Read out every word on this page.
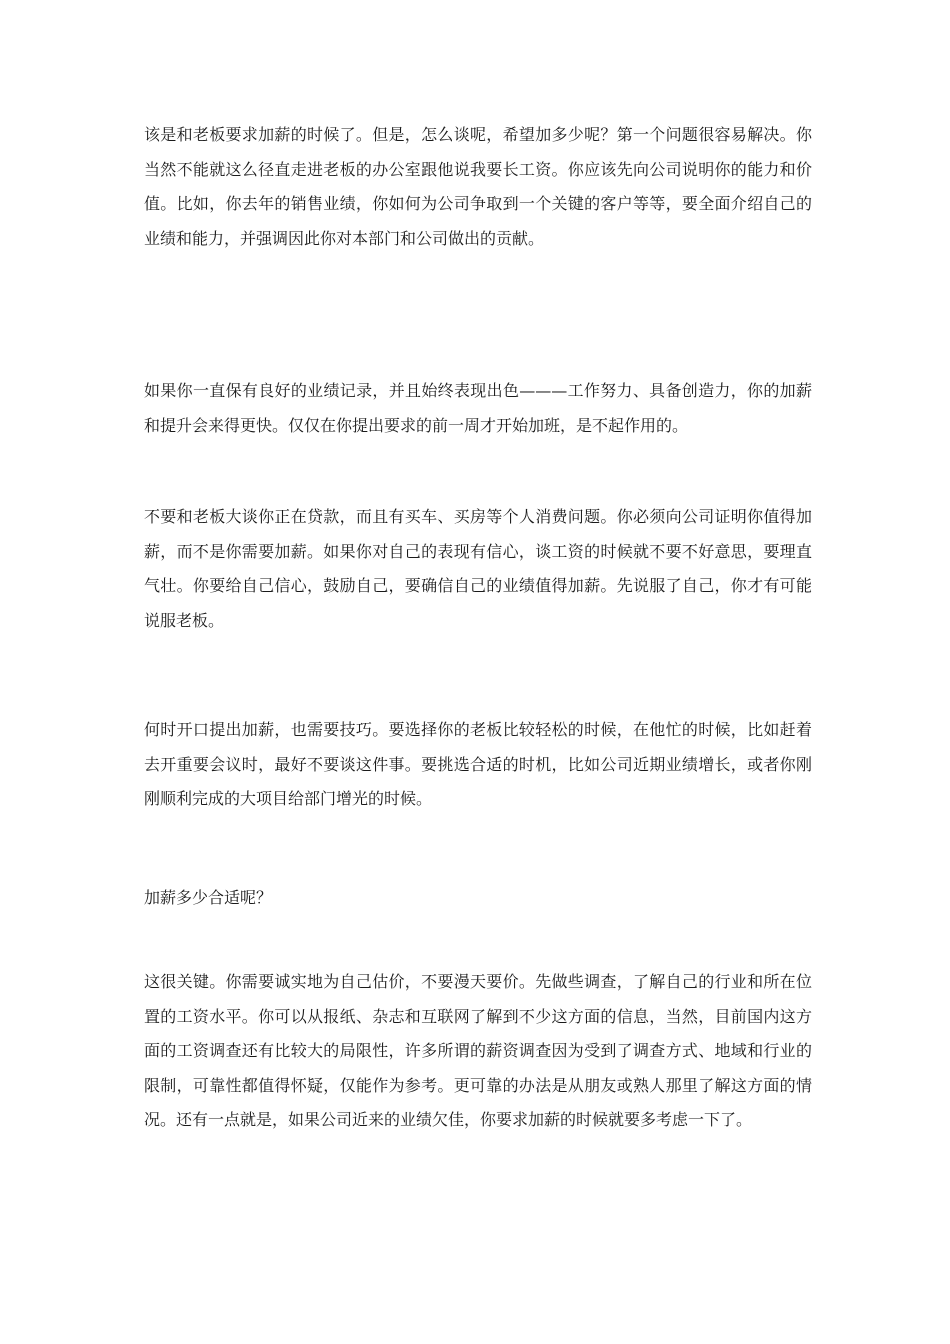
该是和老板要求加薪的时候了。但是，怎么谈呢，希望加多少呢？第一个问题很容易解决。你当然不能就这么径直走进老板的办公室跟他说我要长工资。你应该先向公司说明你的能力和价值。比如，你去年的销售业绩，你如何为公司争取到一个关键的客户等等，要全面介绍自己的业绩和能力，并强调因此你对本部门和公司做出的贡献。

如果你一直保有良好的业绩记录，并且始终表现出色———工作努力、具备创造力，你的加薪和提升会来得更快。仅仅在你提出要求的前一周才开始加班，是不起作用的。

不要和老板大谈你正在贷款，而且有买车、买房等个人消费问题。你必须向公司证明你值得加薪，而不是你需要加薪。如果你对自己的表现有信心，谈工资的时候就不要不好意思，要理直气壮。你要给自己信心，鼓励自己，要确信自己的业绩值得加薪。先说服了自己，你才有可能说服老板。

何时开口提出加薪，也需要技巧。要选择你的老板比较轻松的时候，在他忙的时候，比如赶着去开重要会议时，最好不要谈这件事。要挑选合适的时机，比如公司近期业绩增长，或者你刚刚顺利完成的大项目给部门增光的时候。

加薪多少合适呢？

这很关键。你需要诚实地为自己估价，不要漫天要价。先做些调查，了解自己的行业和所在位置的工资水平。你可以从报纸、杂志和互联网了解到不少这方面的信息，当然，目前国内这方面的工资调查还有比较大的局限性，许多所谓的薪资调查因为受到了调查方式、地域和行业的限制，可靠性都值得怀疑，仅能作为参考。更可靠的办法是从朋友或熟人那里了解这方面的情况。还有一点就是，如果公司近来的业绩欠佳，你要求加薪的时候就要多考虑一下了。
